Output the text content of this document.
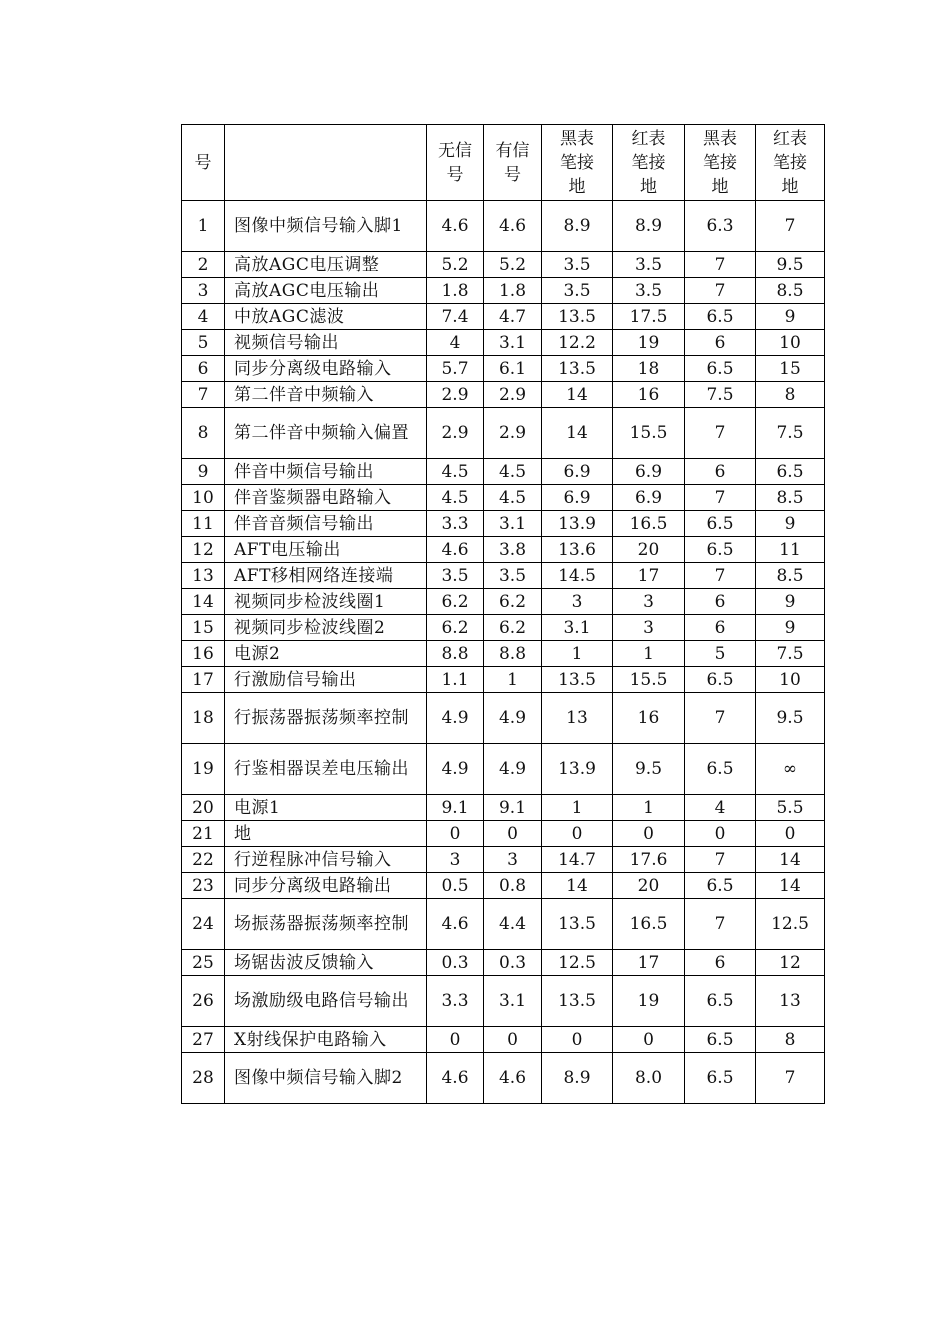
号		无信号	有信号	黑表笔接地	红表笔接地	黑表笔接地	红表笔接地
1	图像中频信号输入脚1	4.6	4.6	8.9	8.9	6.3	7
2	高放AGC电压调整	5.2	5.2	3.5	3.5	7	9.5
3	高放AGC电压输出	1.8	1.8	3.5	3.5	7	8.5
4	中放AGC滤波	7.4	4.7	13.5	17.5	6.5	9
5	视频信号输出	4	3.1	12.2	19	6	10
6	同步分离级电路输入	5.7	6.1	13.5	18	6.5	15
7	第二伴音中频输入	2.9	2.9	14	16	7.5	8
8	第二伴音中频输入偏置	2.9	2.9	14	15.5	7	7.5
9	伴音中频信号输出	4.5	4.5	6.9	6.9	6	6.5
10	伴音鉴频器电路输入	4.5	4.5	6.9	6.9	7	8.5
11	伴音音频信号输出	3.3	3.1	13.9	16.5	6.5	9
12	AFT电压输出	4.6	3.8	13.6	20	6.5	11
13	AFT移相网络连接端	3.5	3.5	14.5	17	7	8.5
14	视频同步检波线圈1	6.2	6.2	3	3	6	9
15	视频同步检波线圈2	6.2	6.2	3.1	3	6	9
16	电源2	8.8	8.8	1	1	5	7.5
17	行激励信号输出	1.1	1	13.5	15.5	6.5	10
18	行振荡器振荡频率控制	4.9	4.9	13	16	7	9.5
19	行鉴相器误差电压输出	4.9	4.9	13.9	9.5	6.5	∞
20	电源1	9.1	9.1	1	1	4	5.5
21	地	0	0	0	0	0	0
22	行逆程脉冲信号输入	3	3	14.7	17.6	7	14
23	同步分离级电路输出	0.5	0.8	14	20	6.5	14
24	场振荡器振荡频率控制	4.6	4.4	13.5	16.5	7	12.5
25	场锯齿波反馈输入	0.3	0.3	12.5	17	6	12
26	场激励级电路信号输出	3.3	3.1	13.5	19	6.5	13
27	X射线保护电路输入	0	0	0	0	6.5	8
28	图像中频信号输入脚2	4.6	4.6	8.9	8.0	6.5	7
